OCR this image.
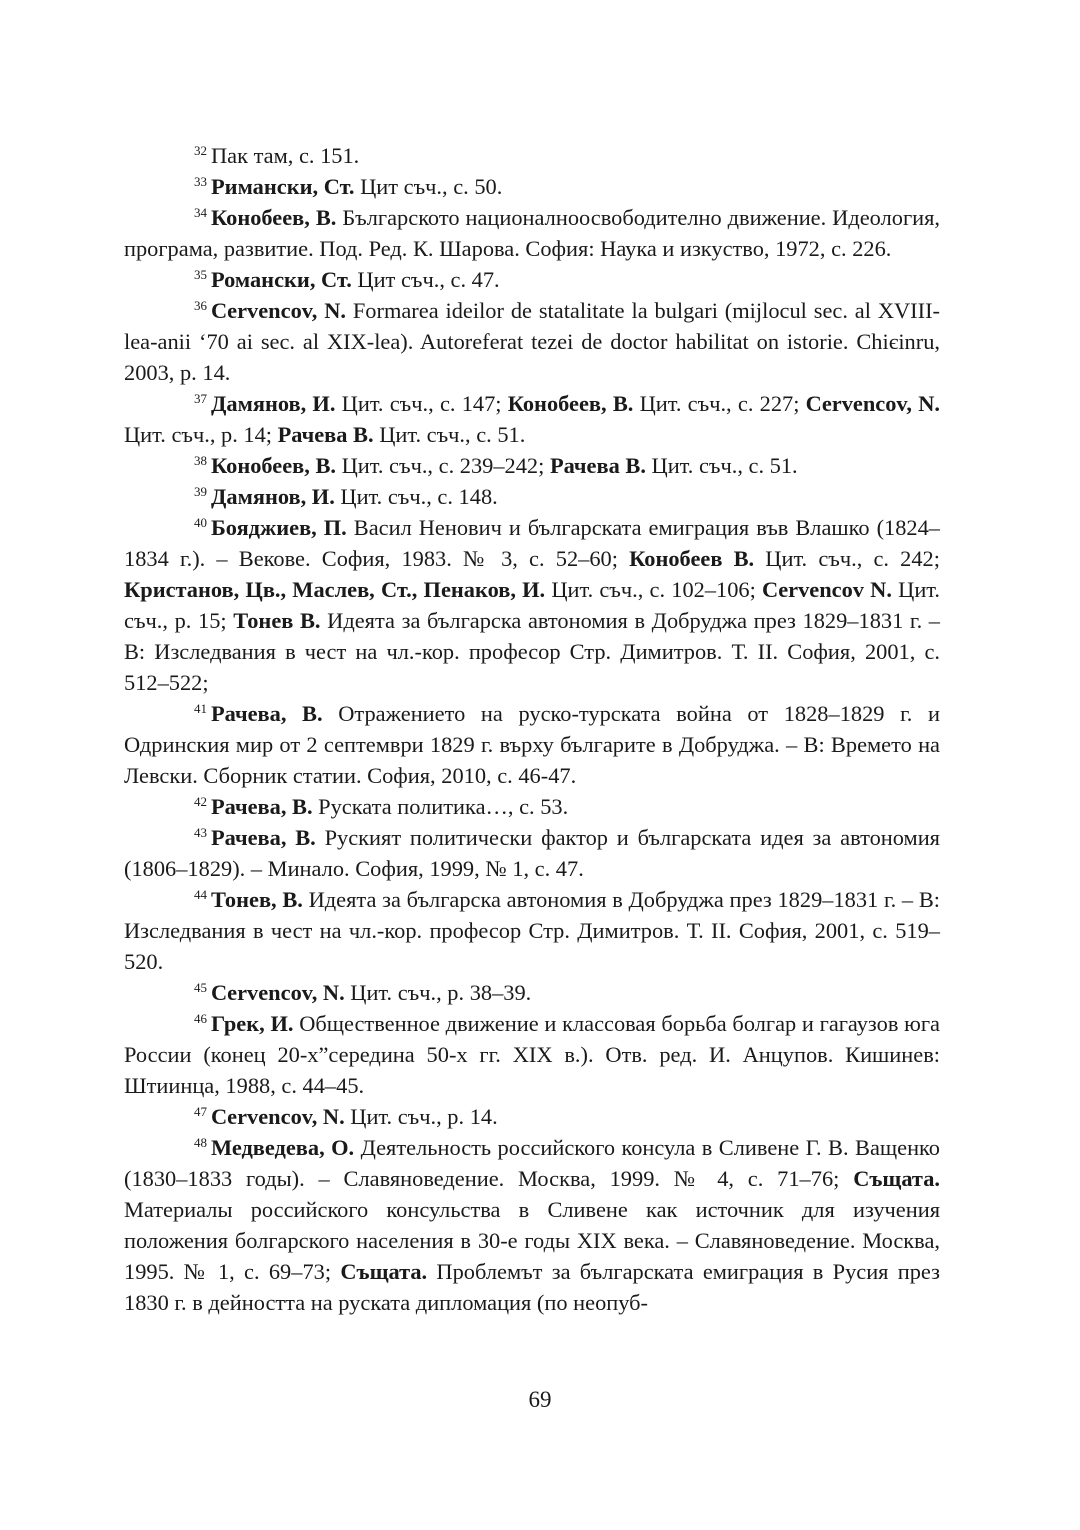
$^{32}$ Пак там, с. 151.

$^{33}$ Римански, Ст. Цит съч., с. 50.

$^{34}$ Конобеев, В. Българското националноосвободително движение. Идеология, програма, развитие. Под. Ред. К. Шарова. София: Наука и изкуство, 1972, с. 226.

$^{35}$ Романски, Ст. Цит съч., с. 47.

$^{36}$ Cervencov, N. Formarea ideilor de statalitate la bulgari (mijlocul sec. al XVIII-lea-anii ‘70 ai sec. al XIX-lea). Autoreferat tezei de doctor habilitat on istorie. Chiєinru, 2003, p. 14.

$^{37}$ Дамянов, И. Цит. съч., с. 147; Конобеев, В. Цит. съч., с. 227; Cervencov, N. Цит. съч., p. 14; Рачева В. Цит. съч., с. 51.

$^{38}$ Конобеев, В. Цит. съч., с. 239–242; Рачева В. Цит. съч., с. 51.

$^{39}$ Дамянов, И. Цит. съч., с. 148.

$^{40}$ Бояджиев, П. Васил Ненович и българската емиграция във Влашко (1824–1834 г.). – Векове. София, 1983. № 3, с. 52–60; Конобеев В. Цит. съч., с. 242; Кристанов, Цв., Маслев, Ст., Пенаков, И. Цит. съч., с. 102–106; Cervencov N. Цит. съч., p. 15; Тонев В. Идеята за българска автономия в Добруджа през 1829–1831 г. – В: Изследвания в чест на чл.-кор. професор Стр. Димитров. Т. II. София, 2001, с. 512–522;

$^{41}$ Рачева, В. Отражението на руско-турската война от 1828–1829 г. и Одринския мир от 2 септември 1829 г. върху българите в Добруджа. – В: Времето на Левски. Сборник статии. София, 2010, с. 46-47.

$^{42}$ Рачева, В. Руската политика…, с. 53.

$^{43}$ Рачева, В. Руският политически фактор и българската идея за автономия (1806–1829). – Минало. София, 1999, № 1, с. 47.

$^{44}$ Тонев, В. Идеята за българска автономия в Добруджа през 1829–1831 г. – В: Изследвания в чест на чл.-кор. професор Стр. Димитров. Т. II. София, 2001, с. 519–520.

$^{45}$ Cervencov, N. Цит. съч., p. 38–39.

$^{46}$ Грек, И. Общественное движение и классовая борьба болгар и гагаузов юга России (конец 20-х”середина 50-х гг. XIX в.). Отв. ред. И. Анцупов. Кишинев: Штиинца, 1988, с. 44–45.

$^{47}$ Cervencov, N. Цит. съч., p. 14.

$^{48}$ Медведева, О. Деятельность российского консула в Сливене Г. В. Ващенко (1830–1833 годы). – Славяноведение. Москва, 1999. № 4, с. 71–76; Същата. Материалы российского консульства в Сливене как источник для изучения положения болгарского населения в 30-е годы XIX века. – Славяноведение. Москва, 1995. № 1, с. 69–73; Същата. Проблемът за българската емиграция в Русия през 1830 г. в дейността на руската дипломация (по неопуб-

69
